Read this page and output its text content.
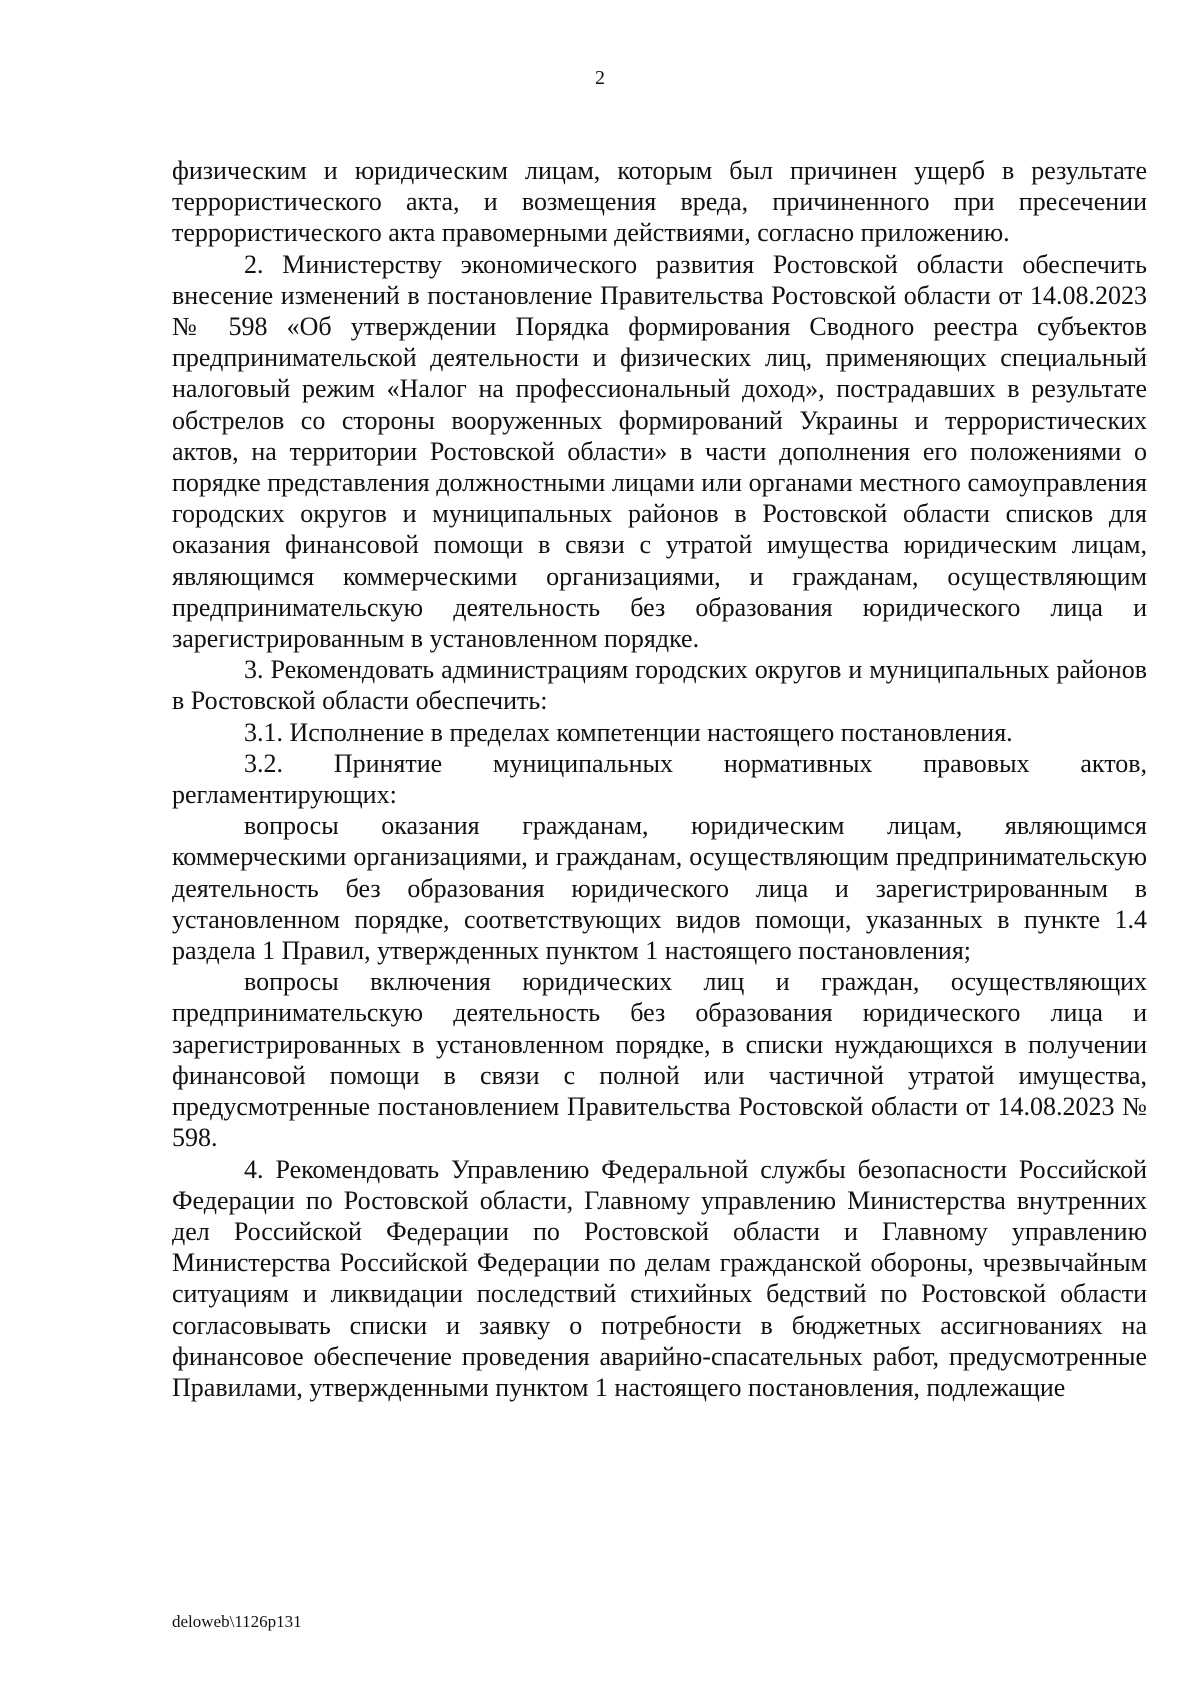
2

физическим и юридическим лицам, которым был причинен ущерб в результате террористического акта, и возмещения вреда, причиненного при пресечении террористического акта правомерными действиями, согласно приложению.

2. Министерству экономического развития Ростовской области обеспечить внесение изменений в постановление Правительства Ростовской области от 14.08.2023 № 598 «Об утверждении Порядка формирования Сводного реестра субъектов предпринимательской деятельности и физических лиц, применяющих специальный налоговый режим «Налог на профессиональный доход», пострадавших в результате обстрелов со стороны вооруженных формирований Украины и террористических актов, на территории Ростовской области» в части дополнения его положениями о порядке представления должностными лицами или органами местного самоуправления городских округов и муниципальных районов в Ростовской области списков для оказания финансовой помощи в связи с утратой имущества юридическим лицам, являющимся коммерческими организациями, и гражданам, осуществляющим предпринимательскую деятельность без образования юридического лица и зарегистрированным в установленном порядке.

3. Рекомендовать администрациям городских округов и муниципальных районов в Ростовской области обеспечить:

3.1. Исполнение в пределах компетенции настоящего постановления.

3.2. Принятие муниципальных нормативных правовых актов, регламентирующих:

вопросы оказания гражданам, юридическим лицам, являющимся коммерческими организациями, и гражданам, осуществляющим предпринимательскую деятельность без образования юридического лица и зарегистрированным в установленном порядке, соответствующих видов помощи, указанных в пункте 1.4 раздела 1 Правил, утвержденных пунктом 1 настоящего постановления;

вопросы включения юридических лиц и граждан, осуществляющих предпринимательскую деятельность без образования юридического лица и зарегистрированных в установленном порядке, в списки нуждающихся в получении финансовой помощи в связи с полной или частичной утратой имущества, предусмотренные постановлением Правительства Ростовской области от 14.08.2023 № 598.

4. Рекомендовать Управлению Федеральной службы безопасности Российской Федерации по Ростовской области, Главному управлению Министерства внутренних дел Российской Федерации по Ростовской области и Главному управлению Министерства Российской Федерации по делам гражданской обороны, чрезвычайным ситуациям и ликвидации последствий стихийных бедствий по Ростовской области согласовывать списки и заявку о потребности в бюджетных ассигнованиях на финансовое обеспечение проведения аварийно-спасательных работ, предусмотренные Правилами, утвержденными пунктом 1 настоящего постановления, подлежащие

deloweb\1126p131
